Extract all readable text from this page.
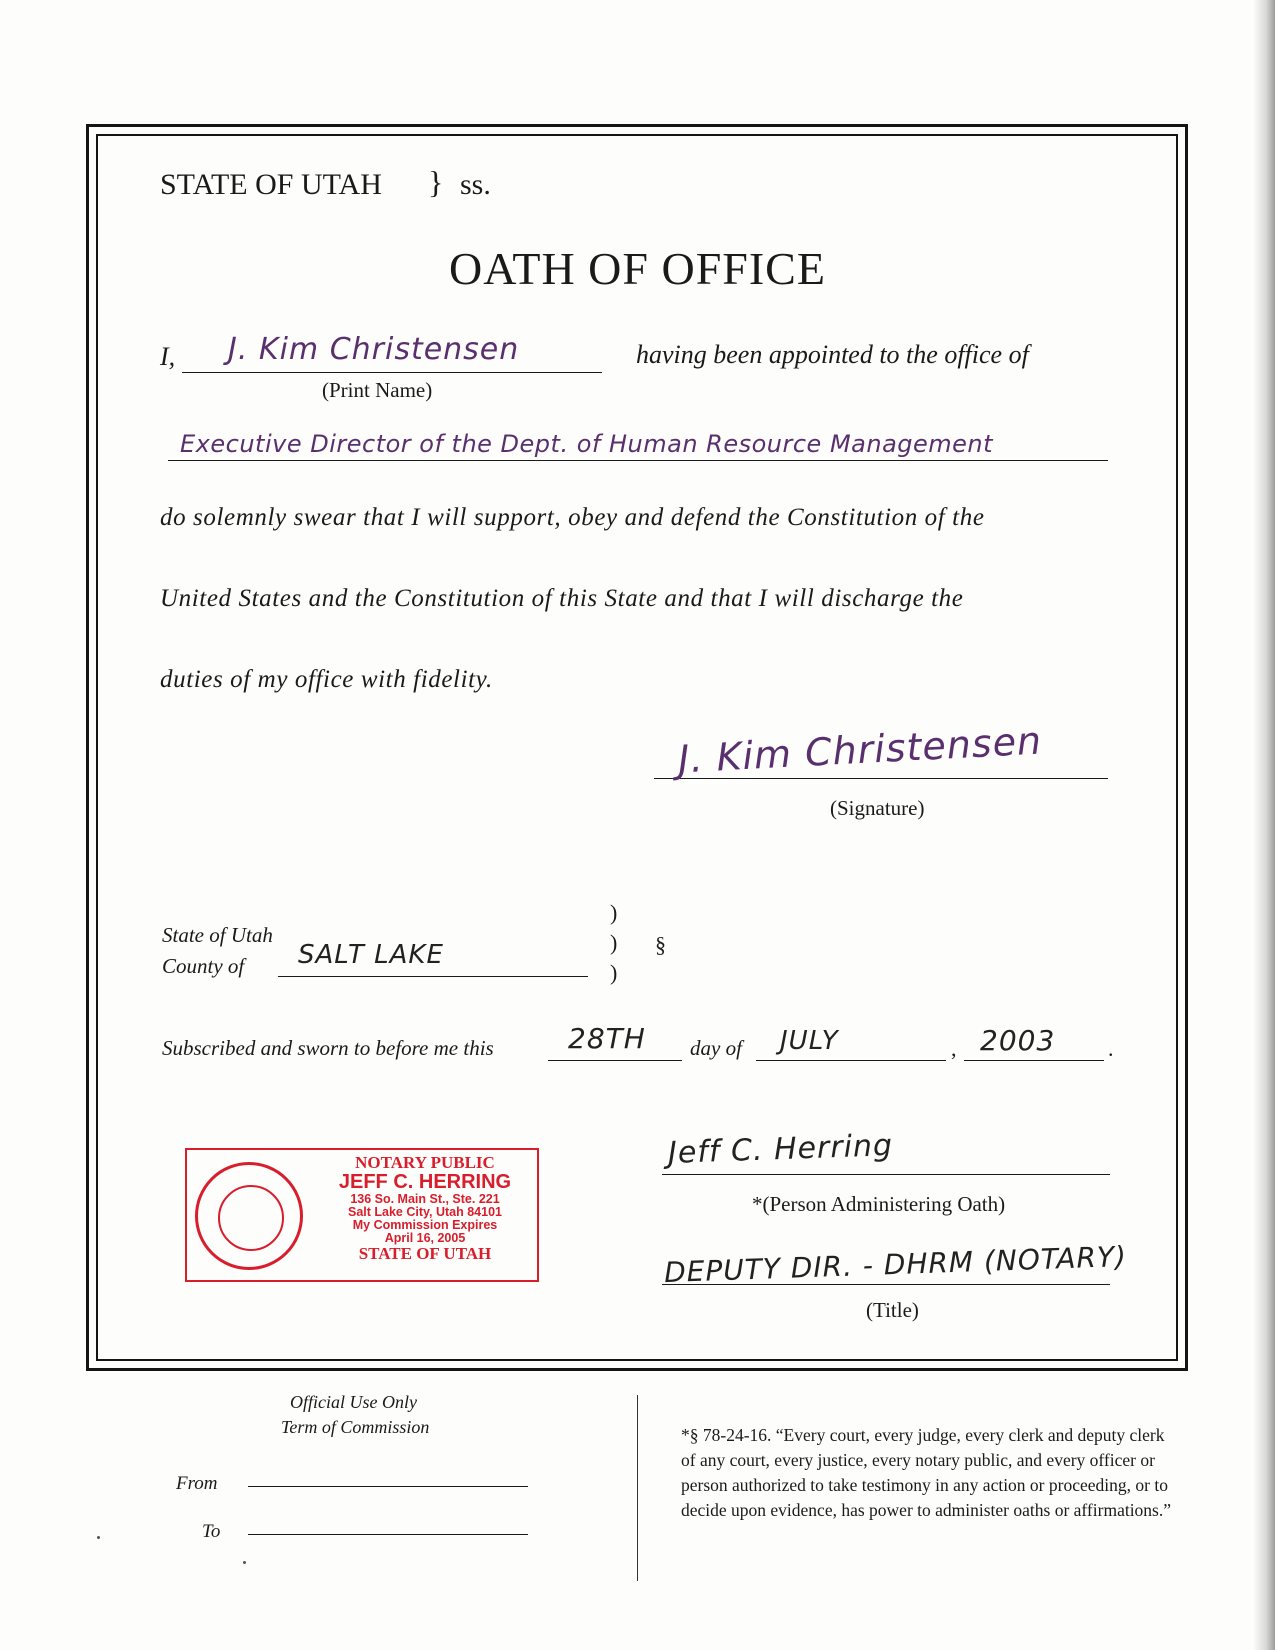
STATE OF UTAH } ss.
OATH OF OFFICE
I, J. Kim Christensen
(Print Name)
having been appointed to the office of
Executive Director of the Dept. of Human Resource Management
do solemnly swear that I will support, obey and defend the Constitution of the
United States and the Constitution of this State and that I will discharge the
duties of my office with fidelity.
J. Kim Christensen
(Signature)
State of Utah
County of SALT LAKE
)
)
)
§
Subscribed and sworn to before me this	28TH day of JULY	, 2003 .
NOTARY PUBLIC
JEFF C. HERRING
136 So. Main St., Ste. 221
Salt Lake City, Utah 84101
My Commission Expires
April 16, 2005
STATE OF UTAH
Jeff C. Herring
*(Person Administering Oath)
DEPUTY DIR. - DHRM (NOTARY)
(Title)
Official Use Only
Term of Commission
From
To
*§ 78-24-16. “Every court, every judge, every clerk and deputy clerk of any court, every justice, every notary public, and every officer or person authorized to take testimony in any action or proceeding, or to decide upon evidence, has power to administer oaths or affirmations.”
